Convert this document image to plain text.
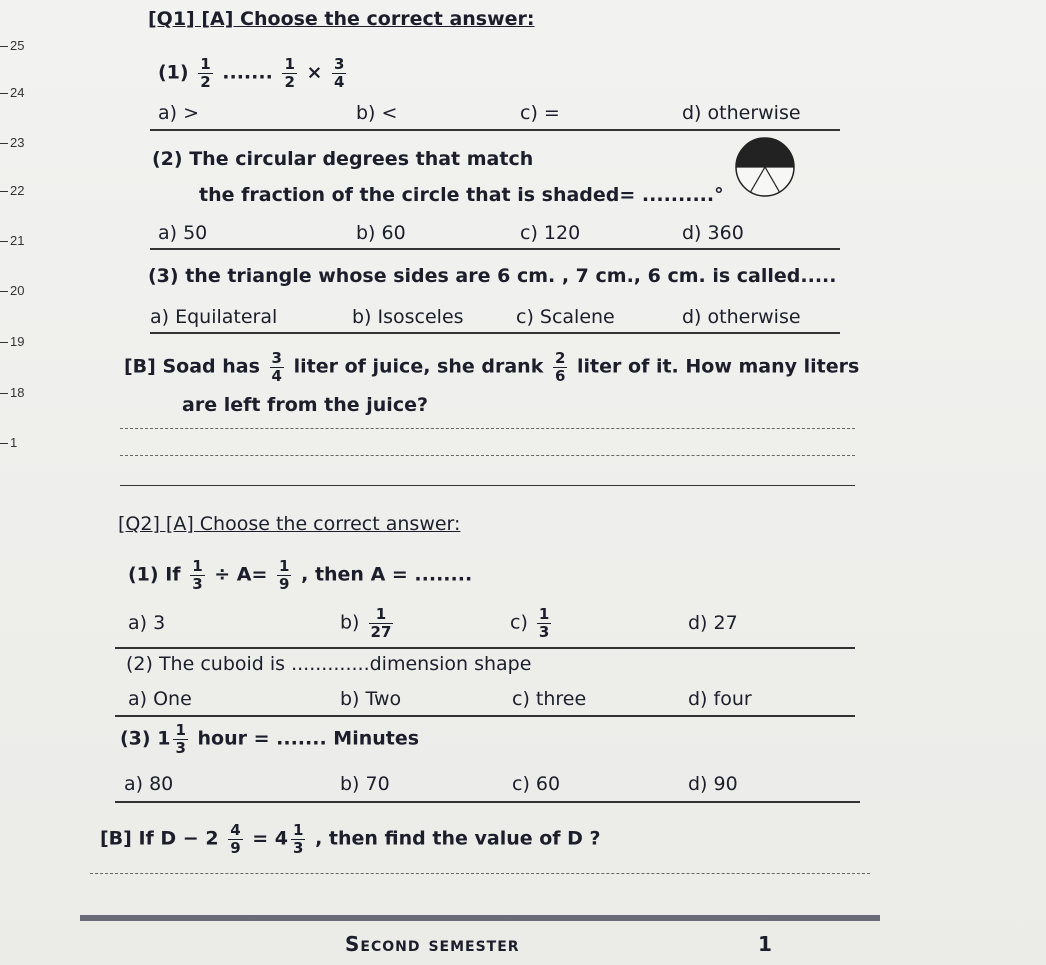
25
24
23
22
21
20
19
18
1
[Q1] [A] Choose the correct answer:
$(1) \frac{1}{2}$ ....... $\frac{1}{2} \times \frac{3}{4}$
a) >	b) <	c) =	d) otherwise
(2) The circular degrees that match
the fraction of the circle that is shaded= ..........°
a) 50	b) 60	c) 120	d) 360
(3) the triangle whose sides are 6 cm. , 7 cm., 6 cm. is called.....
a) Equilateral	b) Isosceles	c) Scalene	d) otherwise
[B] Soad has $\frac{3}{4}$ liter of juice, she drank $\frac{2}{6}$ liter of it. How many liters
are left from the juice?
[Q2] [A] Choose the correct answer:
(1) If $\frac{1}{3} \div A= \frac{1}{9}$ , then A = ........
a) 3	$b) \frac{1}{27}$	$c) \frac{1}{3}$	d) 27
(2) The cuboid is .............dimension shape
a) One	b) Two	c) three	d) four
(3) $1 \frac{1}{3}$ hour = ....... Minutes
a) 80	b) 70	c) 60	d) 90
[B] If $D - 2 \frac{4}{9} = 4 \frac{1}{3}$ , then find the value of D ?
Second semester	1
